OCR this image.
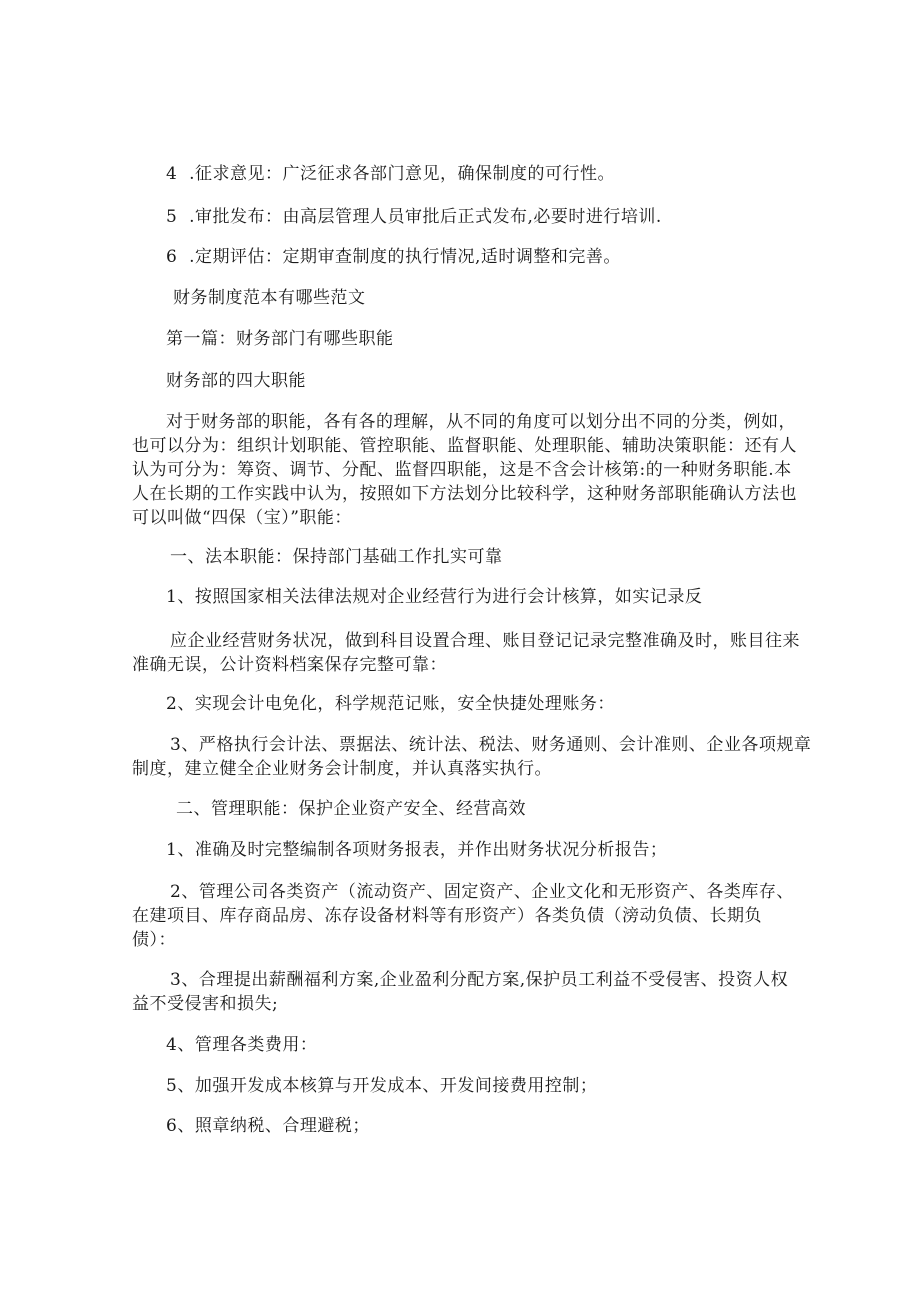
4  .征求意见：广泛征求各部门意见，确保制度的可行性。
5  .审批发布：由高层管理人员审批后正式发布,必要时进行培训.
6  .定期评估：定期审查制度的执行情况,适时调整和完善。
财务制度范本有哪些范文
第一篇：财务部门有哪些职能
财务部的四大职能
对于财务部的职能，各有各的理解，从不同的角度可以划分出不同的分类，例如，
也可以分为：组织计划职能、管控职能、监督职能、处理职能、辅助决策职能：还有人
认为可分为：筹资、调节、分配、监督四职能，这是不含会计核第:的一种财务职能.本
人在长期的工作实践中认为，按照如下方法划分比较科学，这种财务部职能确认方法也
可以叫做“四保（宝）”职能：
一、法本职能：保持部门基础工作扎实可靠
1、按照国家相关法律法规对企业经营行为进行会计核算，如实记录反
应企业经营财务状况，做到科目设置合理、账目登记记录完整准确及时，账目往来
准确无误，公计资料档案保存完整可靠：
2、实现会计电免化，科学规范记账，安全快捷处理账务：
3、严格执行会计法、票据法、统计法、税法、财务通则、会计准则、企业各项规章
制度，建立健全企业财务会计制度，并认真落实执行。
二、管理职能：保护企业资产安全、经营高效
1、准确及时完整编制各项财务报表，并作出财务状况分析报告；
2、管理公司各类资产（流动资产、固定资产、企业文化和无形资产、各类库存、
在建项目、库存商品房、冻存设备材料等有形资产）各类负债（滂动负债、长期负
债）：
3、合理提出薪酬福利方案,企业盈利分配方案,保护员工利益不受侵害、投资人权
益不受侵害和损失;
4、管理各类费用：
5、加强开发成本核算与开发成本、开发间接费用控制；
6、照章纳税、合理避税；
